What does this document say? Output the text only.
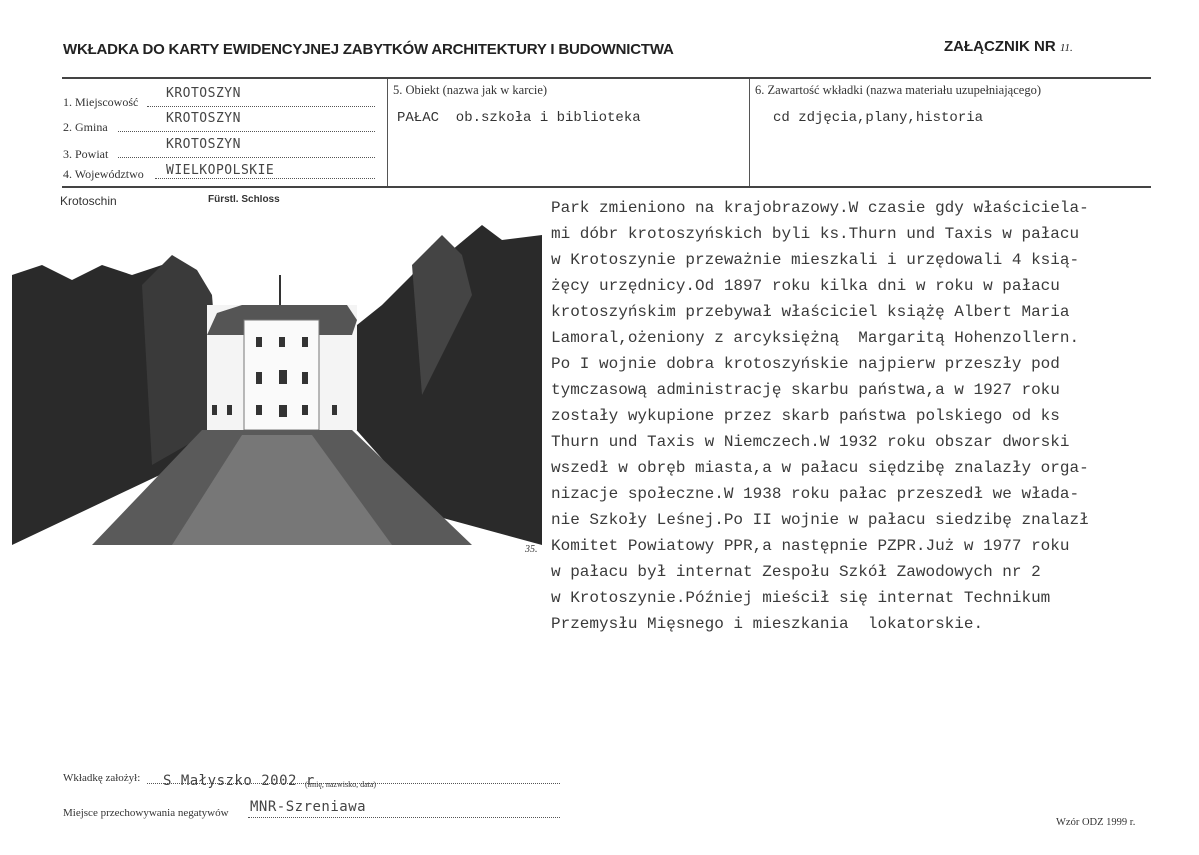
WKŁADKA DO KARTY EWIDENCYJNEJ ZABYTKÓW ARCHITEKTURY I BUDOWNICTWA	ZAŁĄCZNIK NR 11.
1. Miejscowość
KROTOSZYN
2. Gmina
KROTOSZYN
3. Powiat
KROTOSZYN
4. Województwo WIELKOPOLSKIE
5. Obiekt (nazwa jak w karcie)
PAŁAC  ob.szkoła i biblioteka
6. Zawartość wkładki (nazwa materiału uzupełniającego)
cd zdjęcia,plany,historia
Krotoschin	Fürstl. Schloss
35.
Park zmieniono na krajobrazowy.W czasie gdy właściciela-
mi dóbr krotoszyńskich byli ks.Thurn und Taxis w pałacu
w Krotoszynie przeważnie mieszkali i urzędowali 4 ksią-
żęcy urzędnicy.Od 1897 roku kilka dni w roku w pałacu
krotoszyńskim przebywał właściciel książę Albert Maria
Lamoral,ożeniony z arcyksiężną  Margaritą Hohenzollern.
Po I wojnie dobra krotoszyńskie najpierw przeszły pod
tymczasową administrację skarbu państwa,a w 1927 roku
zostały wykupione przez skarb państwa polskiego od ks
Thurn und Taxis w Niemczech.W 1932 roku obszar dworski
wszedł w obręb miasta,a w pałacu siędzibę znalazły orga-
nizacje społeczne.W 1938 roku pałac przeszedł we włada-
nie Szkoły Leśnej.Po II wojnie w pałacu siedzibę znalazł
Komitet Powiatowy PPR,a następnie PZPR.Już w 1977 roku
w pałacu był internat Zespołu Szkół Zawodowych nr 2
w Krotoszynie.Później mieścił się internat Technikum
Przemysłu Mięsnego i mieszkania  lokatorskie.
Wkładkę założył: S Małyszko 2002 r
(imię, nazwisko, data)
Miejsce przechowywania negatywów MNR-Szreniawa
Wzór ODZ 1999 r.
